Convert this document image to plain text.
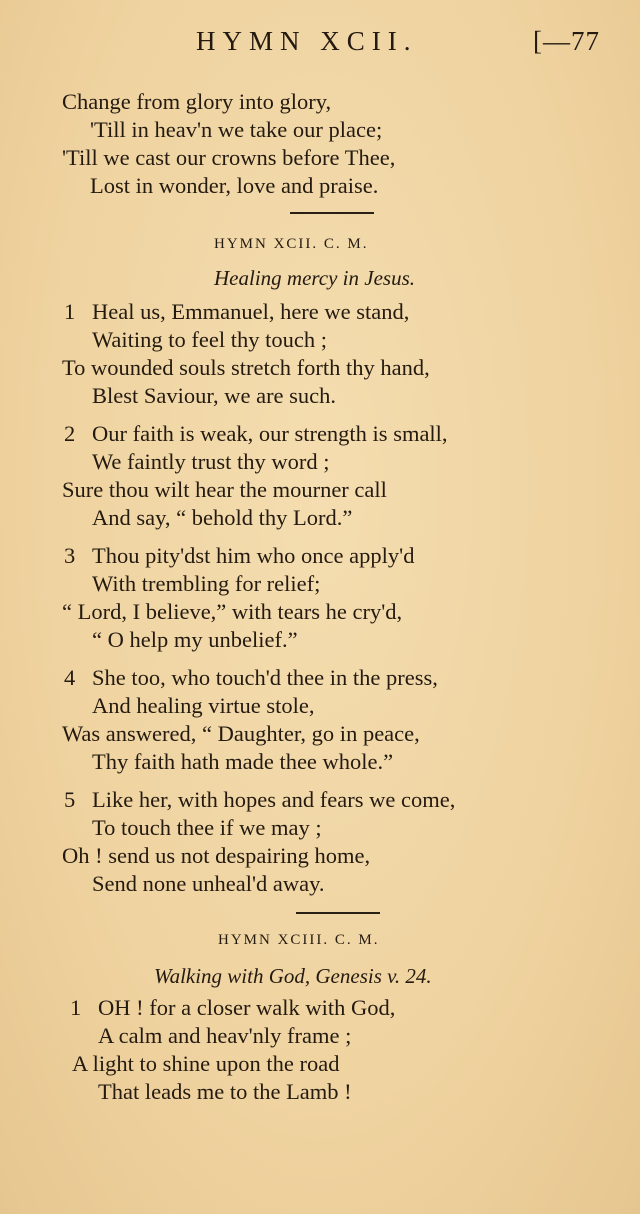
HYMN XCII.	[—77
Change from glory into glory,
'Till in heav'n we take our place;
'Till we cast our crowns before Thee,
Lost in wonder, love and praise.
HYMN XCII. C. M.
Healing mercy in Jesus.
1 Heal us, Emmanuel, here we stand,
Waiting to feel thy touch ;
To wounded souls stretch forth thy hand,
Blest Saviour, we are such.
2 Our faith is weak, our strength is small,
We faintly trust thy word ;
Sure thou wilt hear the mourner call
And say, “ behold thy Lord.”
3 Thou pity'dst him who once apply'd
With trembling for relief;
“ Lord, I believe,” with tears he cry'd,
“ O help my unbelief.”
4 She too, who touch'd thee in the press,
And healing virtue stole,
Was answered, “ Daughter, go in peace,
Thy faith hath made thee whole.”
5 Like her, with hopes and fears we come,
To touch thee if we may ;
Oh ! send us not despairing home,
Send none unheal'd away.
HYMN XCIII. C. M.
Walking with God, Genesis v. 24.
1 OH ! for a closer walk with God,
A calm and heav'nly frame ;
A light to shine upon the road
That leads me to the Lamb !
